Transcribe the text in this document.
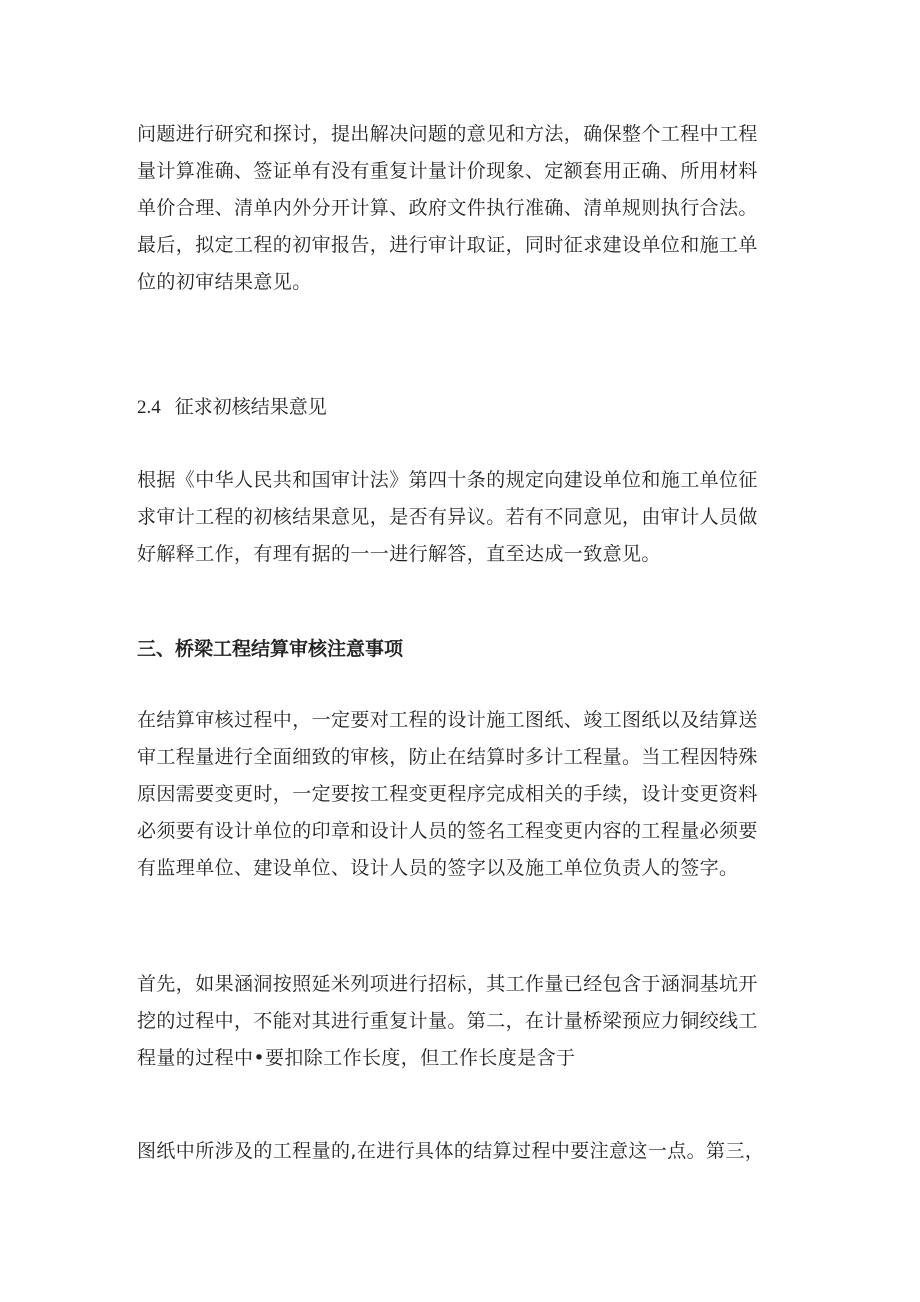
问题进行研究和探讨，提出解决问题的意见和方法，确保整个工程中工程
量计算准确、签证单有没有重复计量计价现象、定额套用正确、所用材料
单价合理、清单内外分开计算、政府文件执行准确、清单规则执行合法。
最后，拟定工程的初审报告，进行审计取证，同时征求建设单位和施工单
位的初审结果意见。
2.4 征求初核结果意见
根据《中华人民共和国审计法》第四十条的规定向建设单位和施工单位征
求审计工程的初核结果意见，是否有异议。若有不同意见，由审计人员做
好解释工作，有理有据的一一进行解答，直至达成一致意见。
三、桥梁工程结算审核注意事项
在结算审核过程中，一定要对工程的设计施工图纸、竣工图纸以及结算送
审工程量进行全面细致的审核，防止在结算时多计工程量。当工程因特殊
原因需要变更时，一定要按工程变更程序完成相关的手续，设计变更资料
必须要有设计单位的印章和设计人员的签名工程变更内容的工程量必须要
有监理单位、建设单位、设计人员的签字以及施工单位负责人的签字。
首先，如果涵洞按照延米列项进行招标，其工作量已经包含于涵洞基坑开
挖的过程中，不能对其进行重复计量。第二，在计量桥梁预应力铜绞线工
程量的过程中•要扣除工作长度，但工作长度是含于
图纸中所涉及的工程量的,在进行具体的结算过程中要注意这一点。第三，
